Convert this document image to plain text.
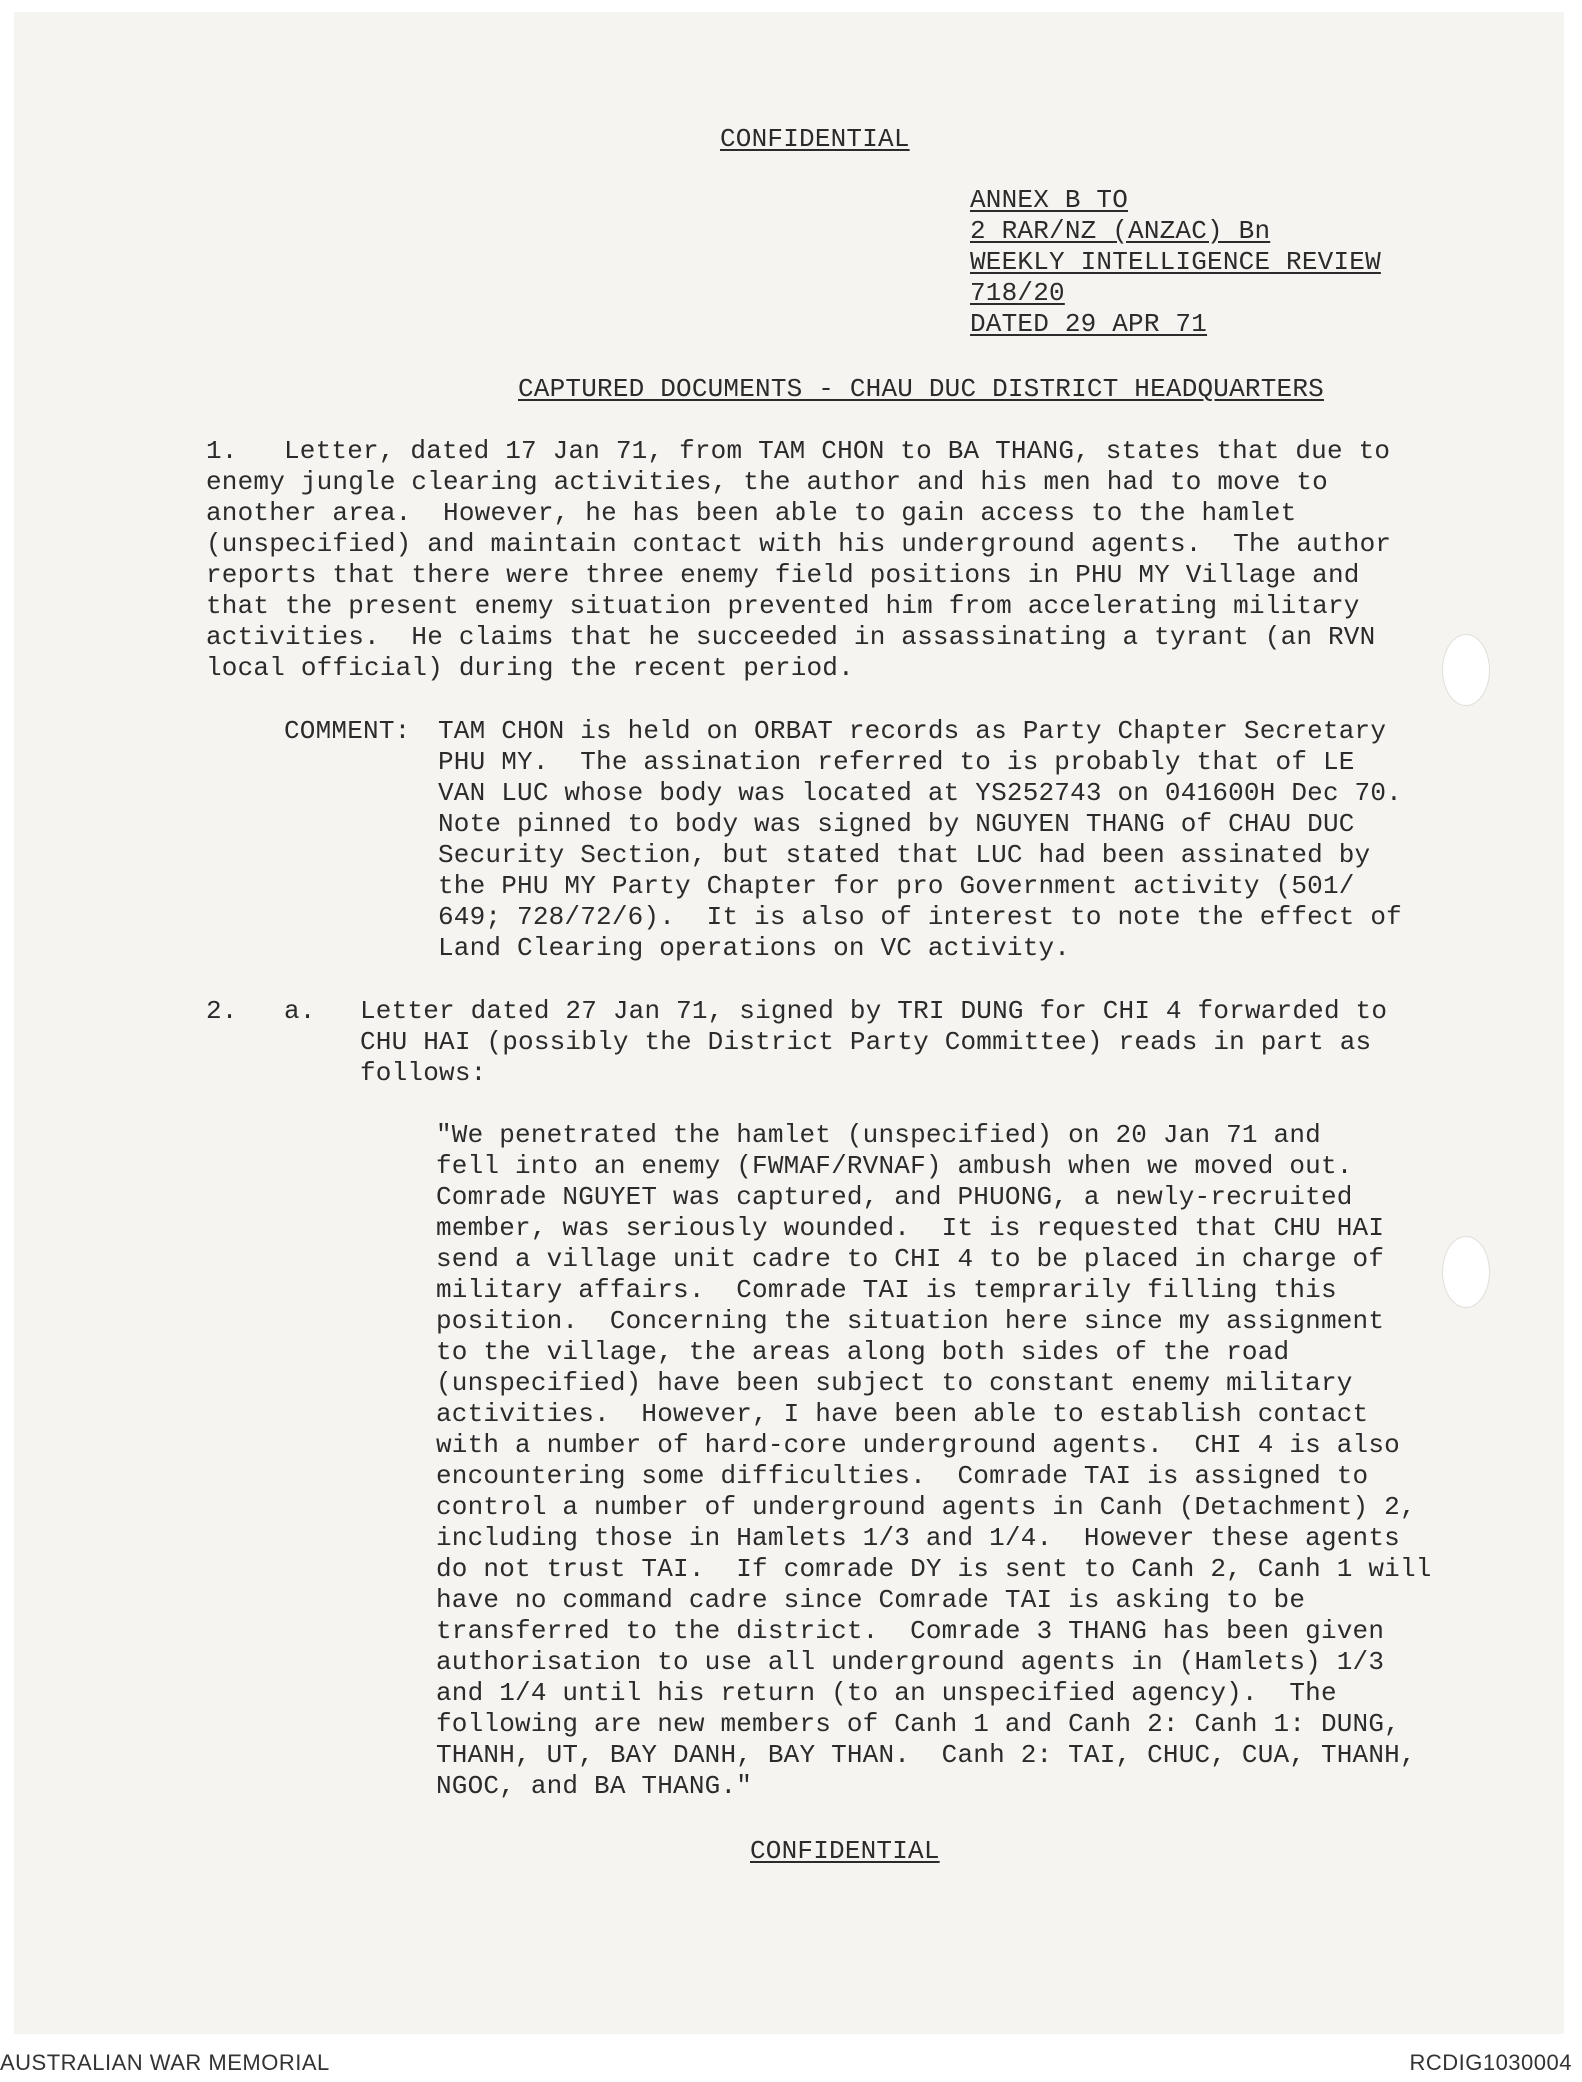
CONFIDENTIAL
ANNEX B TO
2 RAR/NZ (ANZAC) Bn
WEEKLY INTELLIGENCE REVIEW
718/20
DATED 29 APR 71
CAPTURED DOCUMENTS - CHAU DUC DISTRICT HEADQUARTERS
1. Letter, dated 17 Jan 71, from TAM CHON to BA THANG, states that due to
enemy jungle clearing activities, the author and his men had to move to
another area.  However, he has been able to gain access to the hamlet
(unspecified) and maintain contact with his underground agents.  The author
reports that there were three enemy field positions in PHU MY Village and
that the present enemy situation prevented him from accelerating military
activities.  He claims that he succeeded in assassinating a tyrant (an RVN
local official) during the recent period.
COMMENT: TAM CHON is held on ORBAT records as Party Chapter Secretary
PHU MY.  The assination referred to is probably that of LE
VAN LUC whose body was located at YS252743 on 041600H Dec 70.
Note pinned to body was signed by NGUYEN THANG of CHAU DUC
Security Section, but stated that LUC had been assinated by
the PHU MY Party Chapter for pro Government activity (501/
649; 728/72/6).  It is also of interest to note the effect of
Land Clearing operations on VC activity.
2. a. Letter dated 27 Jan 71, signed by TRI DUNG for CHI 4 forwarded to
CHU HAI (possibly the District Party Committee) reads in part as
follows:
"We penetrated the hamlet (unspecified) on 20 Jan 71 and
fell into an enemy (FWMAF/RVNAF) ambush when we moved out.
Comrade NGUYET was captured, and PHUONG, a newly-recruited
member, was seriously wounded.  It is requested that CHU HAI
send a village unit cadre to CHI 4 to be placed in charge of
military affairs.  Comrade TAI is temprarily filling this
position.  Concerning the situation here since my assignment
to the village, the areas along both sides of the road
(unspecified) have been subject to constant enemy military
activities.  However, I have been able to establish contact
with a number of hard-core underground agents.  CHI 4 is also
encountering some difficulties.  Comrade TAI is assigned to
control a number of underground agents in Canh (Detachment) 2,
including those in Hamlets 1/3 and 1/4.  However these agents
do not trust TAI.  If comrade DY is sent to Canh 2, Canh 1 will
have no command cadre since Comrade TAI is asking to be
transferred to the district.  Comrade 3 THANG has been given
authorisation to use all underground agents in (Hamlets) 1/3
and 1/4 until his return (to an unspecified agency).  The
following are new members of Canh 1 and Canh 2: Canh 1: DUNG,
THANH, UT, BAY DANH, BAY THAN.  Canh 2: TAI, CHUC, CUA, THANH,
NGOC, and BA THANG."
CONFIDENTIAL
AUSTRALIAN WAR MEMORIAL	RCDIG1030004
